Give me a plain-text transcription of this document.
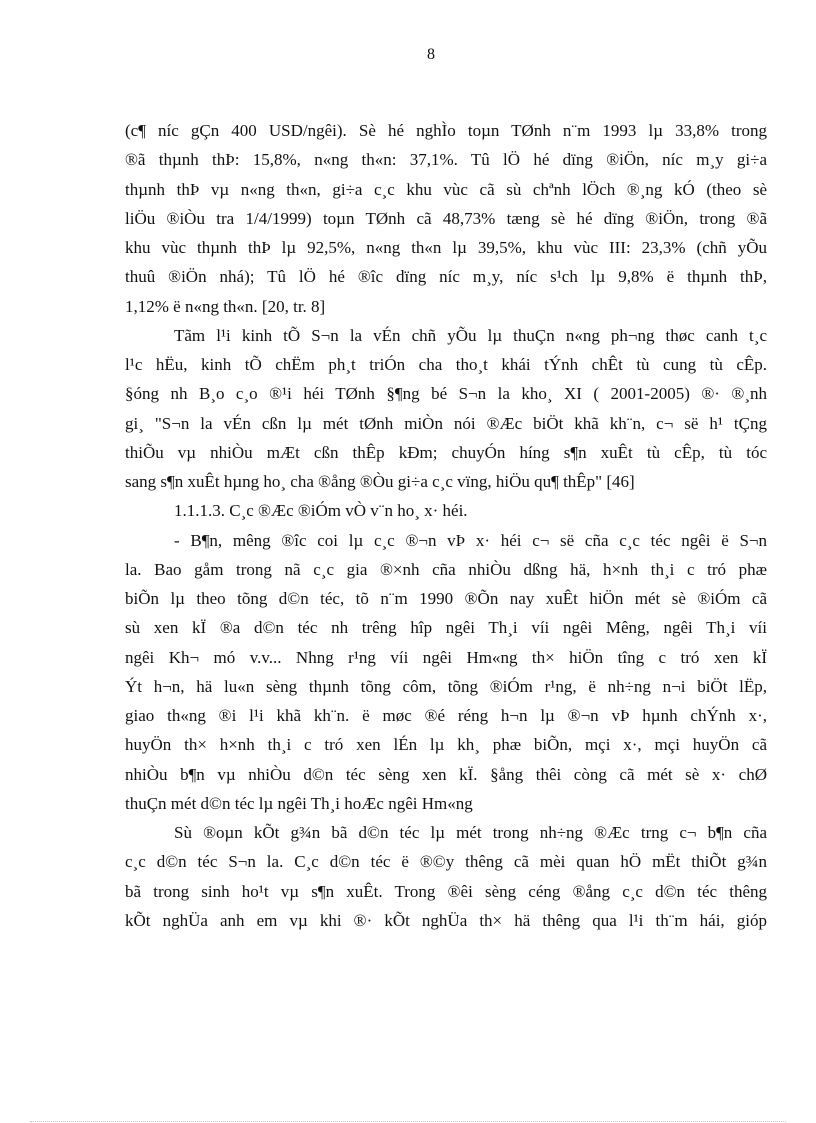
8
(c¶ níc gÇn 400 USD/ngêi). Sè hé nghÌo toµn TØnh n¨m 1993 lµ 33,8% trong
®ã thµnh thÞ: 15,8%, n«ng th«n: 37,1%. Tû lÖ hé dïng ®iÖn, níc m¸y gi÷a
thµnh thÞ vµ n«ng th«n, gi÷a c¸c khu vùc cã sù chªnh lÖch ®¸ng kÓ (theo sè
liÖu ®iÒu tra 1/4/1999) toµn TØnh cã 48,73% tæng sè hé dïng ®iÖn, trong ®ã
khu vùc thµnh thÞ lµ 92,5%, n«ng th«n lµ 39,5%, khu vùc III: 23,3% (chñ yÕu
thuû ®iÖn nhá); Tû lÖ hé ®îc dïng níc m¸y, níc s¹ch lµ 9,8% ë thµnh thÞ,
1,12% ë n«ng th«n. [20, tr. 8]
Tãm l¹i kinh tÕ S¬n la vÉn chñ yÕu lµ thuÇn n«ng ph¬ng thøc canh t¸c
l¹c hËu, kinh tÕ chËm ph¸t triÓn cha tho¸t khái tÝnh chÊt tù cung tù cÊp.
§óng nh B¸o c¸o ®¹i héi TØnh §¶ng bé S¬n la kho¸ XI ( 2001-2005) ®· ®¸nh
gi¸ "S¬n la vÉn cßn lµ mét tØnh miÒn nói ®Æc biÖt khã kh¨n, c¬ së h¹ tÇng
thiÕu vµ nhiÒu mÆt cßn thÊp kÐm; chuyÓn híng s¶n xuÊt tù cÊp, tù tóc
sang s¶n xuÊt hµng ho¸ cha ®ång ®Òu gi÷a c¸c vïng, hiÖu qu¶ thÊp" [46]
1.1.1.3. C¸c ®Æc ®iÓm vÒ v¨n ho¸ x· héi.
- B¶n, mêng ®îc coi lµ c¸c ®¬n vÞ x· héi c¬ së cña c¸c téc ngêi ë S¬n
la. Bao gåm trong nã c¸c gia ®×nh cña nhiÒu dßng hä, h×nh th¸i c tró phæ
biÕn lµ theo tõng d©n téc, tõ n¨m 1990 ®Õn nay xuÊt hiÖn mét sè ®iÓm cã
sù xen kÏ ®a d©n téc nh trêng hîp ngêi Th¸i víi ngêi Mêng, ngêi Th¸i víi
ngêi Kh¬ mó v.v... Nhng r¹ng víi ngêi Hm«ng th× hiÖn tîng c tró xen kÏ
Ýt h¬n, hä lu«n sèng thµnh tõng côm, tõng ®iÓm r¹ng, ë nh÷ng n¬i biÖt lËp,
giao th«ng ®i l¹i khã kh¨n. ë møc ®é réng h¬n lµ ®¬n vÞ hµnh chÝnh x·,
huyÖn th× h×nh th¸i c tró xen lÉn lµ kh¸ phæ biÕn, mçi x·, mçi huyÖn cã
nhiÒu b¶n vµ nhiÒu d©n téc sèng xen kÏ. §ång thêi còng cã mét sè x· chØ
thuÇn mét d©n téc lµ ngêi Th¸i hoÆc ngêi Hm«ng
Sù ®oµn kÕt g¾n bã d©n téc lµ mét trong nh÷ng ®Æc trng c¬ b¶n cña
c¸c d©n téc S¬n la. C¸c d©n téc ë ®©y thêng cã mèi quan hÖ mËt thiÕt g¾n
bã trong sinh ho¹t vµ s¶n xuÊt. Trong ®êi sèng céng ®ång c¸c d©n téc thêng
kÕt nghÜa anh em vµ khi ®· kÕt nghÜa th× hä thêng qua l¹i th¨m hái, gióp
